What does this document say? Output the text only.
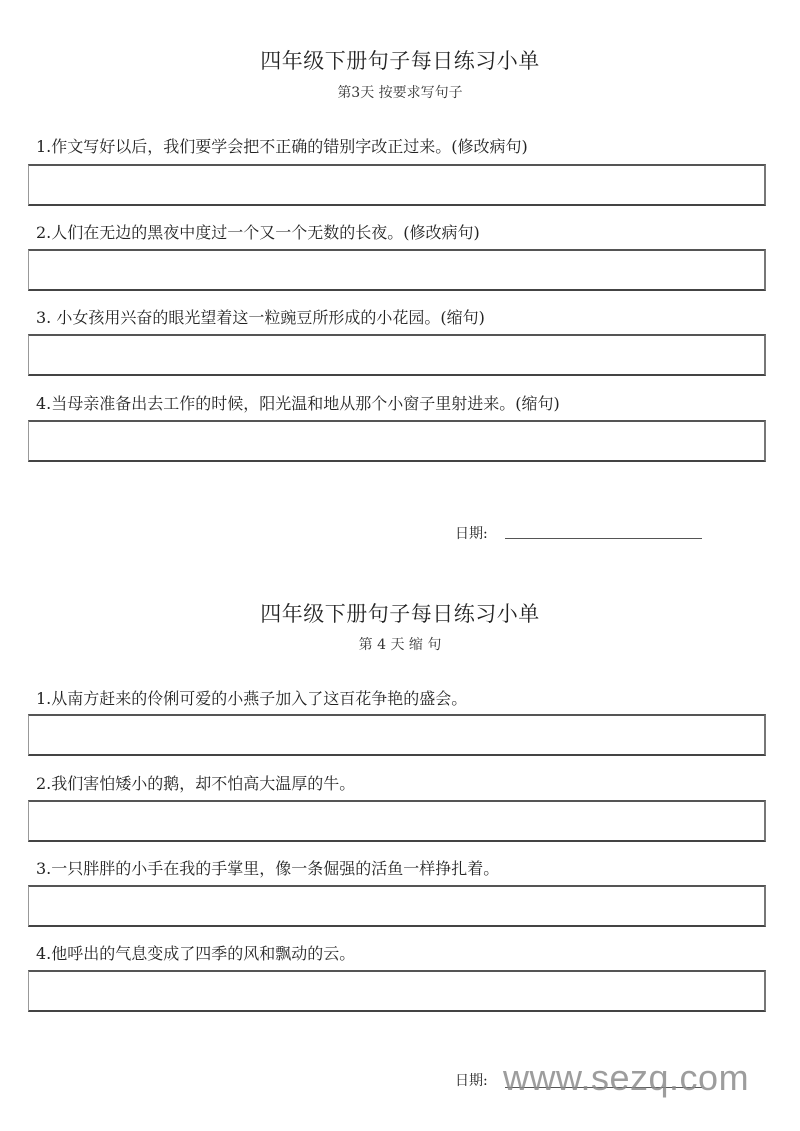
四年级下册句子每日练习小单
第3天 按要求写句子
1.作文写好以后，我们要学会把不正确的错别字改正过来。(修改病句)
2.人们在无边的黑夜中度过一个又一个无数的长夜。(修改病句)
3. 小女孩用兴奋的眼光望着这一粒豌豆所形成的小花园。(缩句)
4.当母亲准备出去工作的时候，阳光温和地从那个小窗子里射进来。(缩句)
日期:
四年级下册句子每日练习小单
第 4 天 缩 句
1.从南方赶来的伶俐可爱的小燕子加入了这百花争艳的盛会。
2.我们害怕矮小的鹅，却不怕高大温厚的牛。
3.一只胖胖的小手在我的手掌里，像一条倔强的活鱼一样挣扎着。
4.他呼出的气息变成了四季的风和飘动的云。
日期: www.sezq.com
